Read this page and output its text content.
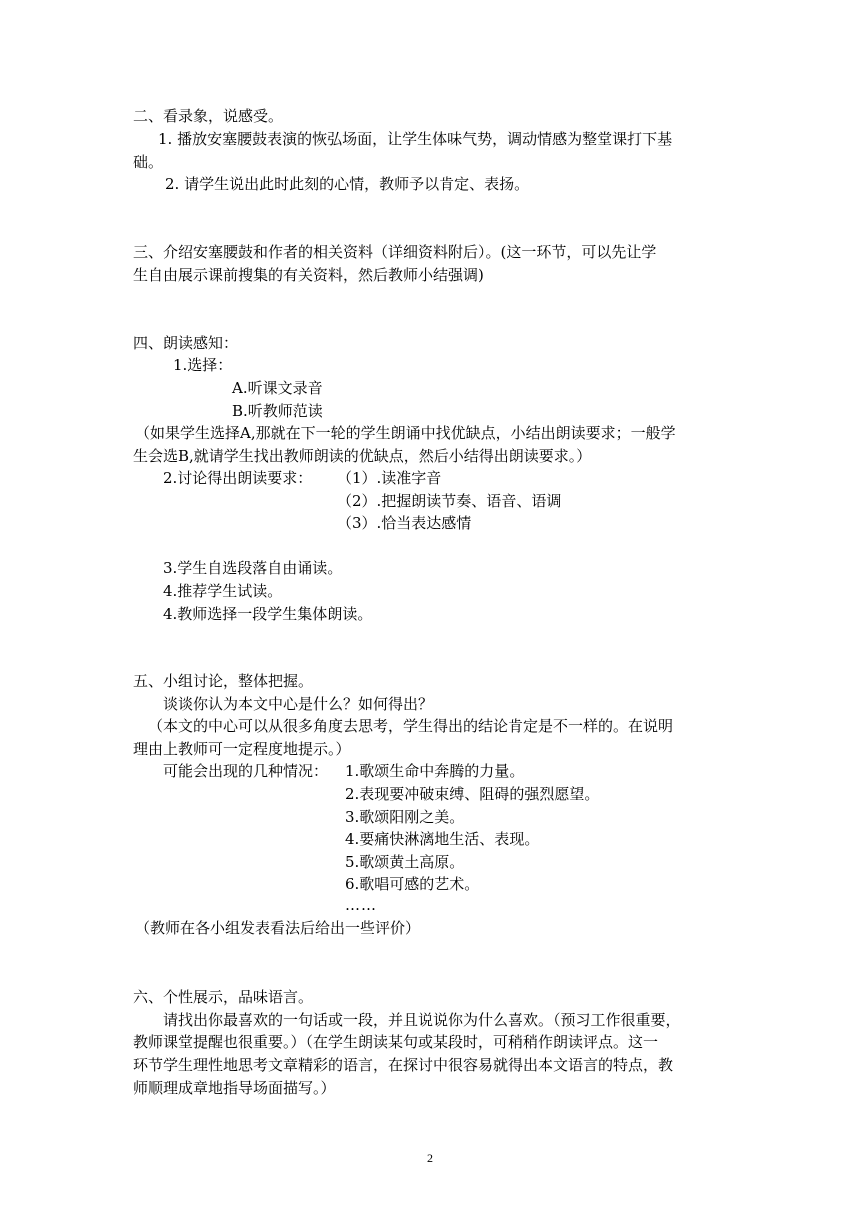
二、看录象，说感受。
1. 播放安塞腰鼓表演的恢弘场面，让学生体味气势，调动情感为整堂课打下基
础。
2. 请学生说出此时此刻的心情，教师予以肯定、表扬。
三、介绍安塞腰鼓和作者的相关资料（详细资料附后）。(这一环节，可以先让学
生自由展示课前搜集的有关资料，然后教师小结强调)
四、朗读感知：
1.选择：
A.听课文录音
B.听教师范读
（如果学生选择A,那就在下一轮的学生朗诵中找优缺点，小结出朗读要求；一般学
生会选B,就请学生找出教师朗读的优缺点，然后小结得出朗读要求。）
2.讨论得出朗读要求： （1）.读准字音
（2）.把握朗读节奏、语音、语调
（3）.恰当表达感情
3.学生自选段落自由诵读。
4.推荐学生试读。
4.教师选择一段学生集体朗读。
五、小组讨论，整体把握。
谈谈你认为本文中心是什么？如何得出？
（本文的中心可以从很多角度去思考，学生得出的结论肯定是不一样的。在说明
理由上教师可一定程度地提示。）
可能会出现的几种情况： 1.歌颂生命中奔腾的力量。
2.表现要冲破束缚、阻碍的强烈愿望。
3.歌颂阳刚之美。
4.要痛快淋漓地生活、表现。
5.歌颂黄土高原。
6.歌唱可感的艺术。
……
（教师在各小组发表看法后给出一些评价）
六、个性展示，品味语言。
请找出你最喜欢的一句话或一段，并且说说你为什么喜欢。（预习工作很重要，
教师课堂提醒也很重要。）（在学生朗读某句或某段时，可稍稍作朗读评点。这一
环节学生理性地思考文章精彩的语言，在探讨中很容易就得出本文语言的特点，教
师顺理成章地指导场面描写。）
2
